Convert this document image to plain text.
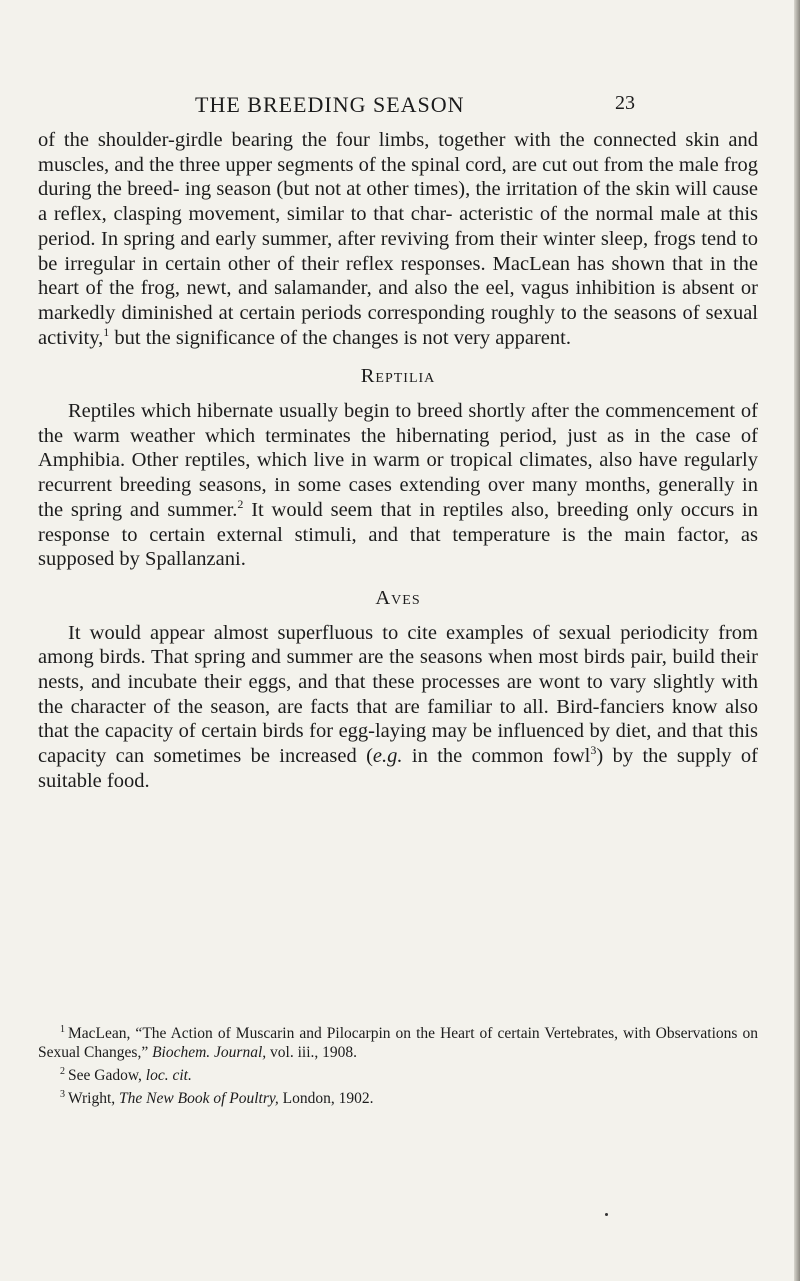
THE BREEDING SEASON	23

of the shoulder-girdle bearing the four limbs, together with the connected skin and muscles, and the three upper segments of the spinal cord, are cut out from the male frog during the breed- ing season (but not at other times), the irritation of the skin will cause a reflex, clasping movement, similar to that char- acteristic of the normal male at this period. In spring and early summer, after reviving from their winter sleep, frogs tend to be irregular in certain other of their reflex responses. MacLean has shown that in the heart of the frog, newt, and salamander, and also the eel, vagus inhibition is absent or markedly diminished at certain periods corresponding roughly to the seasons of sexual activity,$^1$ but the significance of the changes is not very apparent.

Reptilia

Reptiles which hibernate usually begin to breed shortly after the commencement of the warm weather which terminates the hibernating period, just as in the case of Amphibia. Other reptiles, which live in warm or tropical climates, also have regularly recurrent breeding seasons, in some cases extending over many months, generally in the spring and summer.$^2$ It would seem that in reptiles also, breeding only occurs in response to certain external stimuli, and that temperature is the main factor, as supposed by Spallanzani.

Aves

It would appear almost superfluous to cite examples of sexual periodicity from among birds. That spring and summer are the seasons when most birds pair, build their nests, and incubate their eggs, and that these processes are wont to vary slightly with the character of the season, are facts that are familiar to all. Bird-fanciers know also that the capacity of certain birds for egg-laying may be influenced by diet, and that this capacity can sometimes be increased (e.g. in the common fowl$^3$) by the supply of suitable food.

$^1$ MacLean, “The Action of Muscarin and Pilocarpin on the Heart of certain Vertebrates, with Observations on Sexual Changes,” Biochem. Journal, vol. iii., 1908.

$^2$ See Gadow, loc. cit.

$^3$ Wright, The New Book of Poultry, London, 1902.
